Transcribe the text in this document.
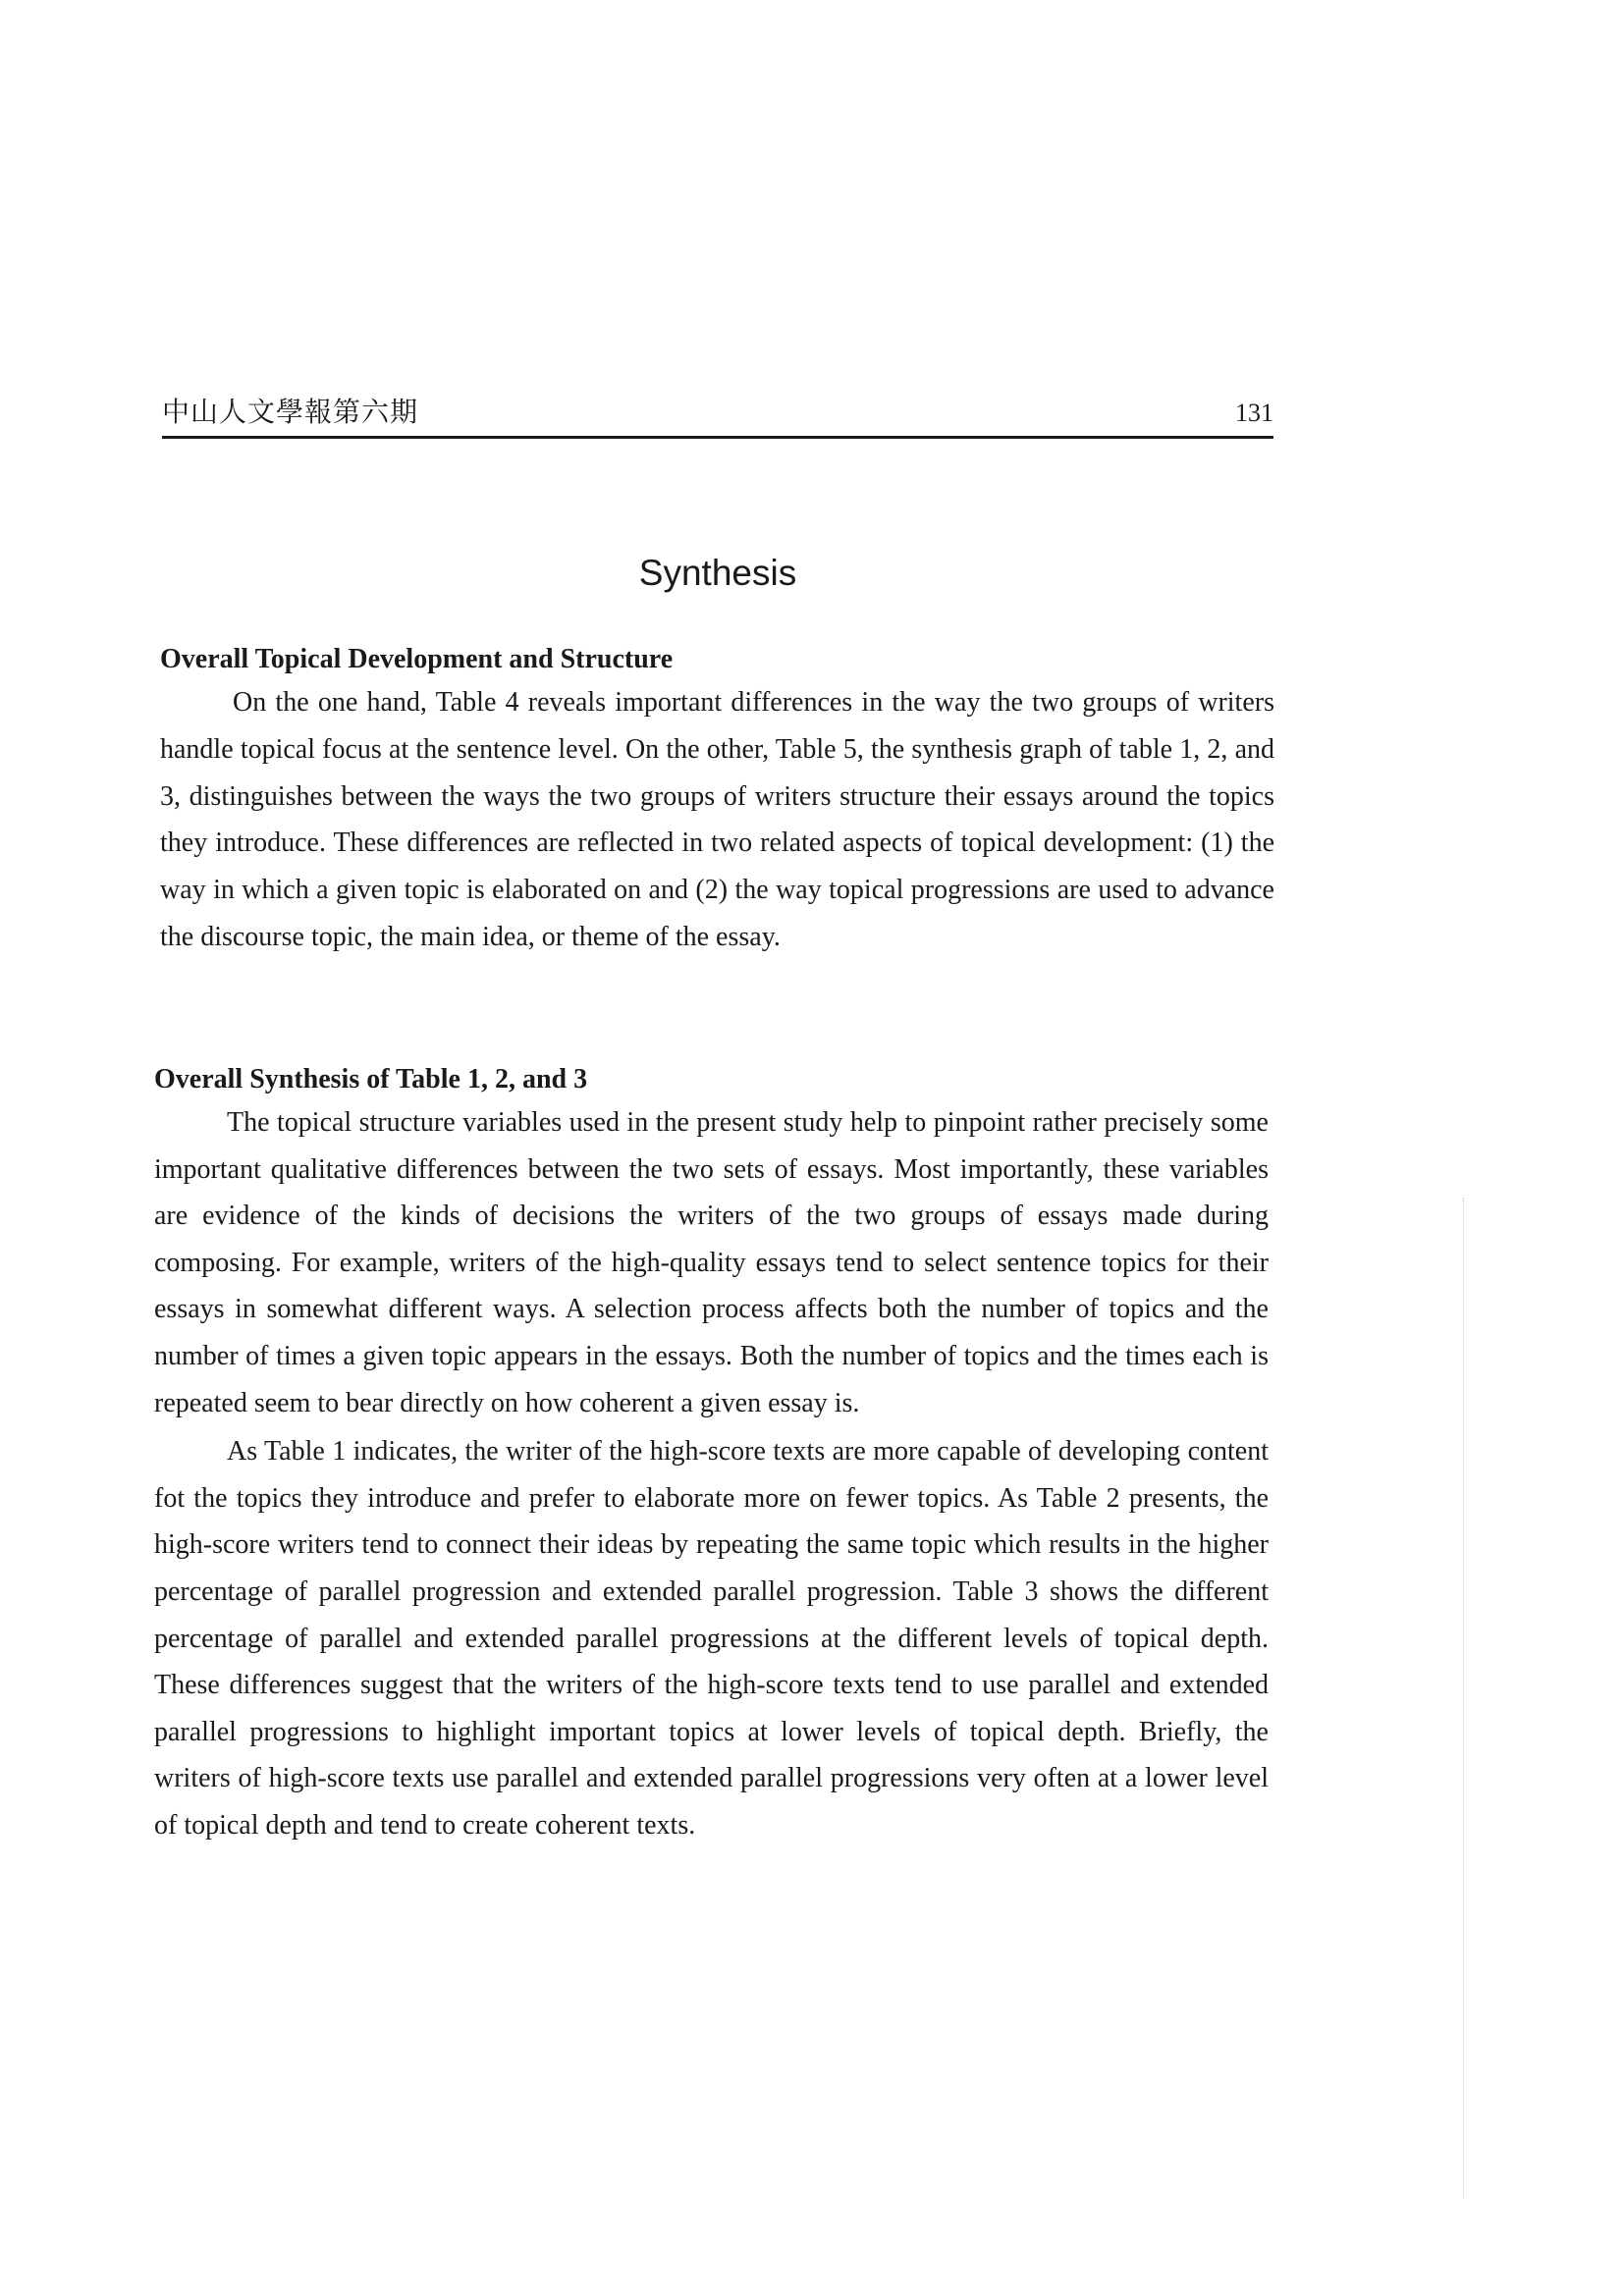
中山人文學報第六期	131
Synthesis
Overall Topical Development and Structure

On the one hand, Table 4 reveals important differences in the way the two groups of writers handle topical focus at the sentence level. On the other, Table 5, the synthesis graph of table 1, 2, and 3, distinguishes between the ways the two groups of writers structure their essays around the topics they introduce. These differences are reflected in two related aspects of topical development: (1) the way in which a given topic is elaborated on and (2) the way topical progressions are used to advance the discourse topic, the main idea, or theme of the essay.

Overall Synthesis of Table 1, 2, and 3

The topical structure variables used in the present study help to pinpoint rather precisely some important qualitative differences between the two sets of essays. Most importantly, these variables are evidence of the kinds of decisions the writers of the two groups of essays made during composing. For example, writers of the high-quality essays tend to select sentence topics for their essays in somewhat different ways. A selection process affects both the number of topics and the number of times a given topic appears in the essays. Both the number of topics and the times each is repeated seem to bear directly on how coherent a given essay is.

As Table 1 indicates, the writer of the high-score texts are more capable of developing content fot the topics they introduce and prefer to elaborate more on fewer topics. As Table 2 presents, the high-score writers tend to connect their ideas by repeating the same topic which results in the higher percentage of parallel progression and extended parallel progression. Table 3 shows the different percentage of parallel and extended parallel progressions at the different levels of topical depth. These differences suggest that the writers of the high-score texts tend to use parallel and extended parallel progressions to highlight important topics at lower levels of topical depth. Briefly, the writers of high-score texts use parallel and extended parallel progressions very often at a lower level of topical depth and tend to create coherent texts.
